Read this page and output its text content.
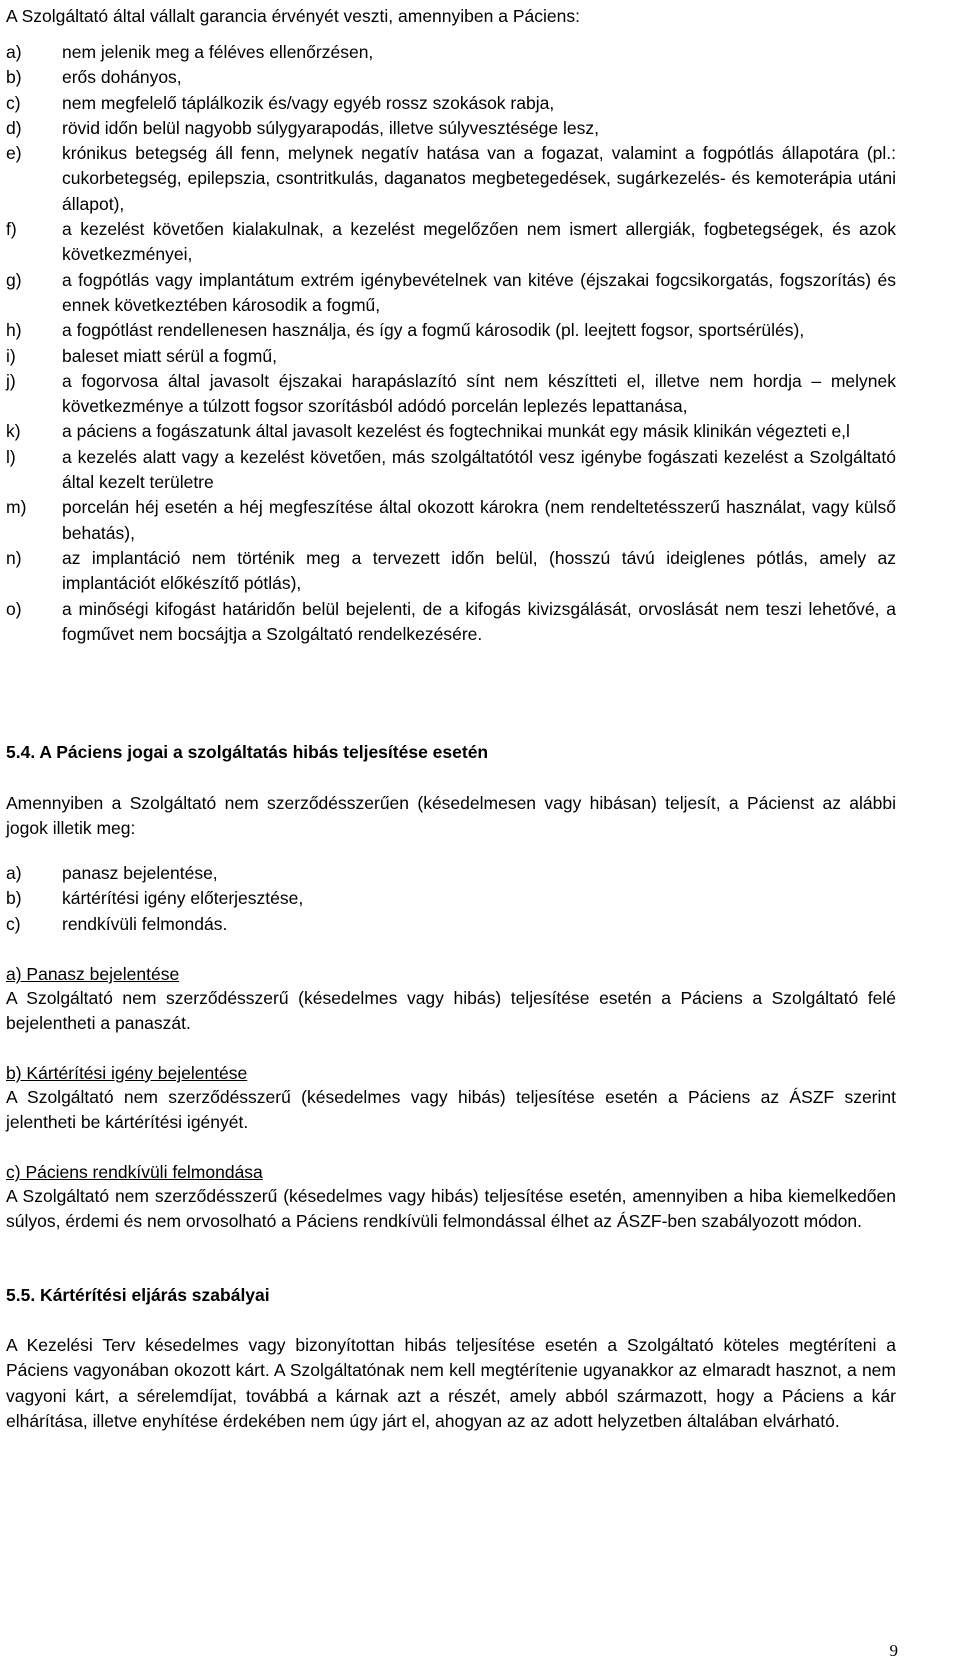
A Szolgáltató által vállalt garancia érvényét veszti, amennyiben a Páciens:
a)	nem jelenik meg a féléves ellenőrzésen,
b)	erős dohányos,
c)	nem megfelelő táplálkozik és/vagy egyéb rossz szokások rabja,
d)	rövid időn belül nagyobb súlygyarapodás, illetve súlyvesztésége lesz,
e)	krónikus betegség áll fenn, melynek negatív hatása van a fogazat, valamint a fogpótlás állapotára (pl.: cukorbetegség, epilepszia, csontritkulás, daganatos megbetegedések, sugárkezelés- és kemoterápia utáni állapot),
f)	a kezelést követően kialakulnak, a kezelést megelőzően nem ismert allergiák, fogbetegségek, és azok következményei,
g)	a fogpótlás vagy implantátum extrém igénybevételnek van kitéve (éjszakai fogcsikorgatás, fogszorítás) és ennek következtében károsodik a fogmű,
h)	a fogpótlást rendellenesen használja, és így a fogmű károsodik (pl. leejtett fogsor, sportsérülés),
i)	baleset miatt sérül a fogmű,
j)	a fogorvosa által javasolt éjszakai harapáslazító sínt nem készítteti el, illetve nem hordja – melynek következménye a túlzott fogsor szorításból adódó porcelán leplezés lepattanása,
k)	a páciens a fogászatunk által javasolt kezelést és fogtechnikai munkát egy másik klinikán végezteti e,l
l)	a kezelés alatt vagy a kezelést követően, más szolgáltatótól vesz igénybe fogászati kezelést a Szolgáltató által kezelt területre
m)	porcelán héj esetén a héj megfeszítése által okozott károkra (nem rendeltetésszerű használat, vagy külső behatás),
n)	az implantáció nem történik meg a tervezett időn belül, (hosszú távú ideiglenes pótlás, amely az implantációt előkészítő pótlás),
o)	a minőségi kifogást határidőn belül bejelenti, de a kifogás kivizsgálását, orvoslását nem teszi lehetővé, a fogművet nem bocsájtja a Szolgáltató rendelkezésére.
5.4. A Páciens jogai a szolgáltatás hibás teljesítése esetén
Amennyiben a Szolgáltató nem szerződésszerűen (késedelmesen vagy hibásan) teljesít, a Pácienst az alábbi jogok illetik meg:
a)	panasz bejelentése,
b)	kártérítési igény előterjesztése,
c)	rendkívüli felmondás.
a) Panasz bejelentése
A Szolgáltató nem szerződésszerű (késedelmes vagy hibás) teljesítése esetén a Páciens a Szolgáltató felé bejelentheti a panaszát.
b) Kártérítési igény bejelentése
A Szolgáltató nem szerződésszerű (késedelmes vagy hibás) teljesítése esetén a Páciens az ÁSZF szerint jelentheti be kártérítési igényét.
c) Páciens rendkívüli felmondása
A Szolgáltató nem szerződésszerű (késedelmes vagy hibás) teljesítése esetén, amennyiben a hiba kiemelkedően súlyos, érdemi és nem orvosolható a Páciens rendkívüli felmondással élhet az ÁSZF-ben szabályozott módon.
5.5. Kártérítési eljárás szabályai
A Kezelési Terv késedelmes vagy bizonyítottan hibás teljesítése esetén a Szolgáltató köteles megtéríteni a Páciens vagyonában okozott kárt. A Szolgáltatónak nem kell megtérítenie ugyanakkor az elmaradt hasznot, a nem vagyoni kárt, a sérelemdíjat, továbbá a kárnak azt a részét, amely abból származott, hogy a Páciens a kár elhárítása, illetve enyhítése érdekében nem úgy járt el, ahogyan az az adott helyzetben általában elvárható.
9
